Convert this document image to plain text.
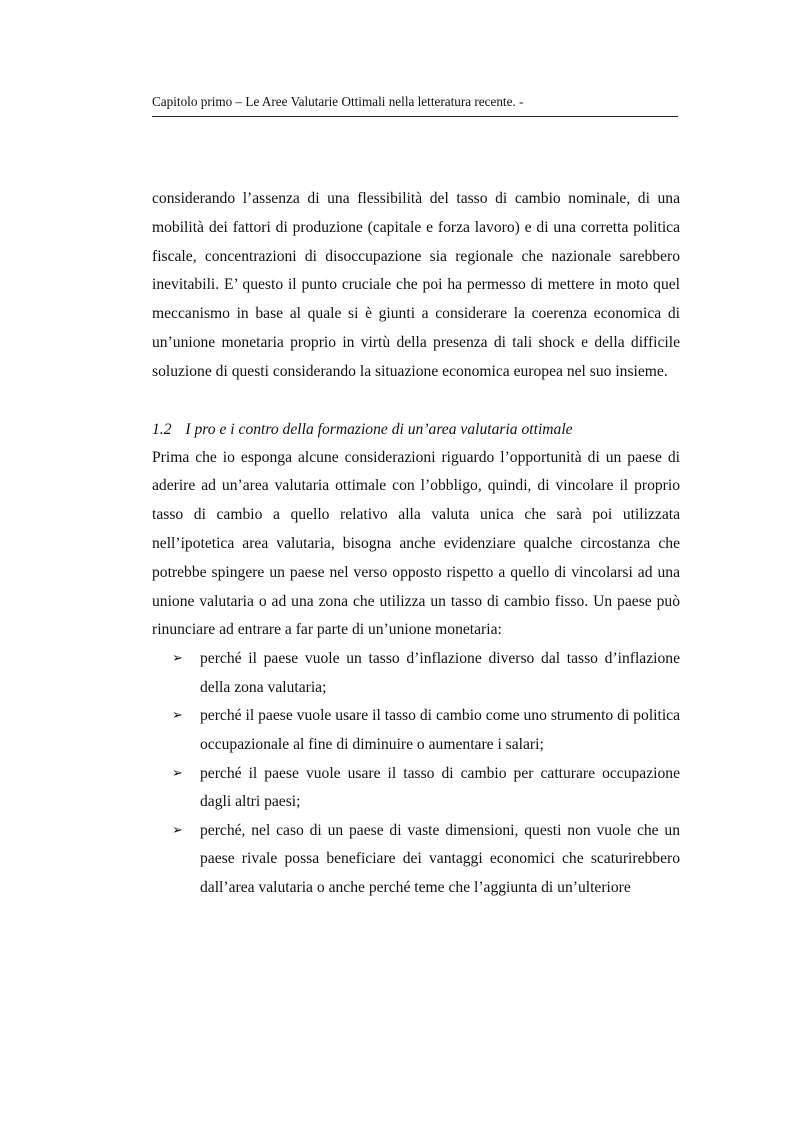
Capitolo primo – Le Aree Valutarie Ottimali nella letteratura recente. -

considerando l’assenza di una flessibilità del tasso di cambio nominale, di una mobilità dei fattori di produzione (capitale e forza lavoro) e di una corretta politica fiscale, concentrazioni di disoccupazione sia regionale che nazionale sarebbero inevitabili. E’ questo il punto cruciale che poi ha permesso di mettere in moto quel meccanismo in base al quale si è giunti a considerare la coerenza economica di un’unione monetaria proprio in virtù della presenza di tali shock e della difficile soluzione di questi considerando la situazione economica europea nel suo insieme.

1.2 I pro e i contro della formazione di un’area valutaria ottimale

Prima che io esponga alcune considerazioni riguardo l’opportunità di un paese di aderire ad un’area valutaria ottimale con l’obbligo, quindi, di vincolare il proprio tasso di cambio a quello relativo alla valuta unica che sarà poi utilizzata nell’ipotetica area valutaria, bisogna anche evidenziare qualche circostanza che potrebbe spingere un paese nel verso opposto rispetto a quello di vincolarsi ad una unione valutaria o ad una zona che utilizza un tasso di cambio fisso. Un paese può rinunciare ad entrare a far parte di un’unione monetaria:

➢ perché il paese vuole un tasso d’inflazione diverso dal tasso d’inflazione della zona valutaria;
➢ perché il paese vuole usare il tasso di cambio come uno strumento di politica occupazionale al fine di diminuire o aumentare i salari;
➢ perché il paese vuole usare il tasso di cambio per catturare occupazione dagli altri paesi;
➢ perché, nel caso di un paese di vaste dimensioni, questi non vuole che un paese rivale possa beneficiare dei vantaggi economici che scaturirebbero dall’area valutaria o anche perché teme che l’aggiunta di un’ulteriore
